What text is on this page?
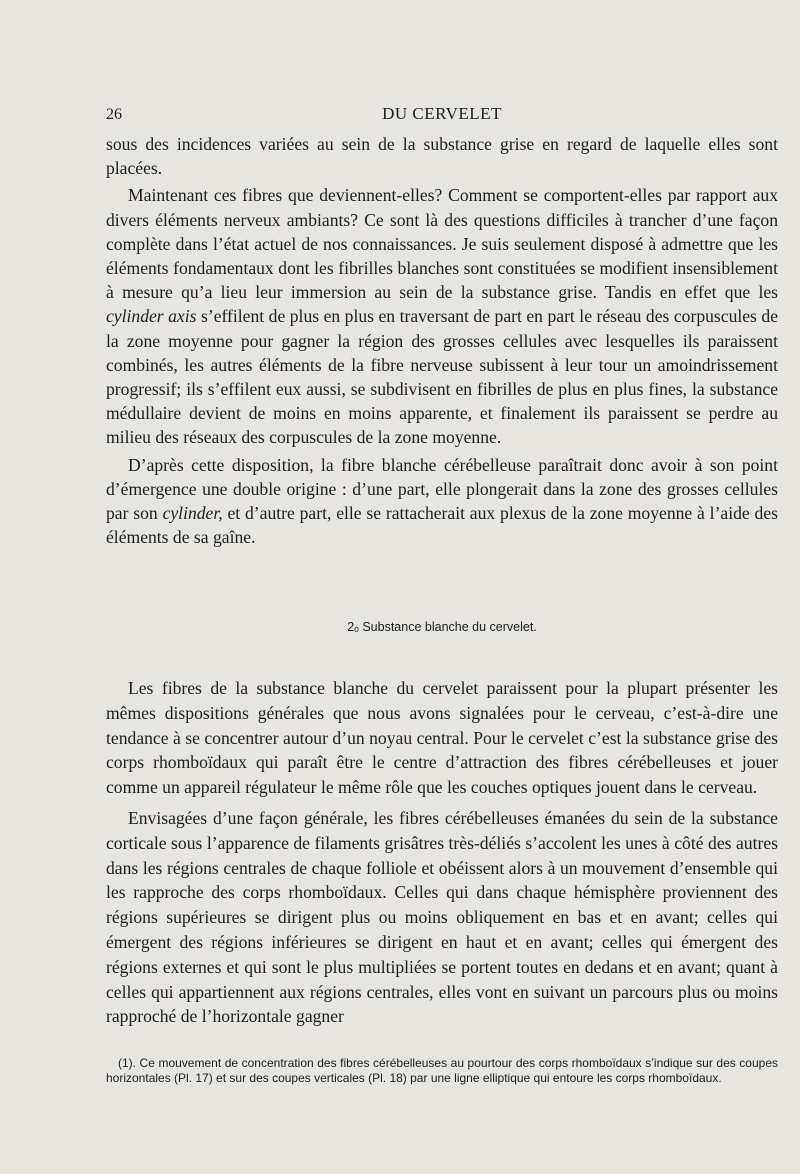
26	DU CERVELET

sous des incidences variées au sein de la substance grise en regard de laquelle elles sont placées.

Maintenant ces fibres que deviennent-elles? Comment se comportent-elles par rapport aux divers éléments nerveux ambiants? Ce sont là des questions difficiles à trancher d’une façon complète dans l’état actuel de nos connaissances. Je suis seulement disposé à admettre que les éléments fondamentaux dont les fibrilles blanches sont constituées se modifient insensiblement à mesure qu’a lieu leur immersion au sein de la substance grise. Tandis en effet que les cylinder axis s’effilent de plus en plus en traversant de part en part le réseau des corpuscules de la zone moyenne pour gagner la région des grosses cellules avec lesquelles ils paraissent combinés, les autres éléments de la fibre nerveuse subissent à leur tour un amoindrissement progressif; ils s’effilent eux aussi, se subdivisent en fibrilles de plus en plus fines, la substance médullaire devient de moins en moins apparente, et finalement ils paraissent se perdre au milieu des réseaux des corpuscules de la zone moyenne.

D’après cette disposition, la fibre blanche cérébelleuse paraîtrait donc avoir à son point d’émergence une double origine : d’une part, elle plongerait dans la zone des grosses cellules par son cylinder, et d’autre part, elle se rattacherait aux plexus de la zone moyenne à l’aide des éléments de sa gaîne.

2ₒ Substance blanche du cervelet.

Les fibres de la substance blanche du cervelet paraissent pour la plupart présenter les mêmes dispositions générales que nous avons signalées pour le cerveau, c’est-à-dire une tendance à se concentrer autour d’un noyau central. Pour le cervelet c’est la substance grise des corps rhomboïdaux qui paraît être le centre d’attraction des fibres cérébelleuses et jouer comme un appareil régulateur le même rôle que les couches optiques jouent dans le cerveau.

Envisagées d’une façon générale, les fibres cérébelleuses émanées du sein de la substance corticale sous l’apparence de filaments grisâtres très-déliés s’accolent les unes à côté des autres dans les régions centrales de chaque folliole et obéissent alors à un mouvement d’ensemble qui les rapproche des corps rhomboïdaux. Celles qui dans chaque hémisphère proviennent des régions supérieures se dirigent plus ou moins obliquement en bas et en avant; celles qui émergent des régions inférieures se dirigent en haut et en avant; celles qui émergent des régions externes et qui sont le plus multipliées se portent toutes en dedans et en avant; quant à celles qui appartiennent aux régions centrales, elles vont en suivant un parcours plus ou moins rapproché de l’horizontale gagner

(1). Ce mouvement de concentration des fibres cérébelleuses au pourtour des corps rhomboïdaux s’indique sur des coupes horizontales (Pl. 17) et sur des coupes verticales (Pl. 18) par une ligne elliptique qui entoure les corps rhomboïdaux.
